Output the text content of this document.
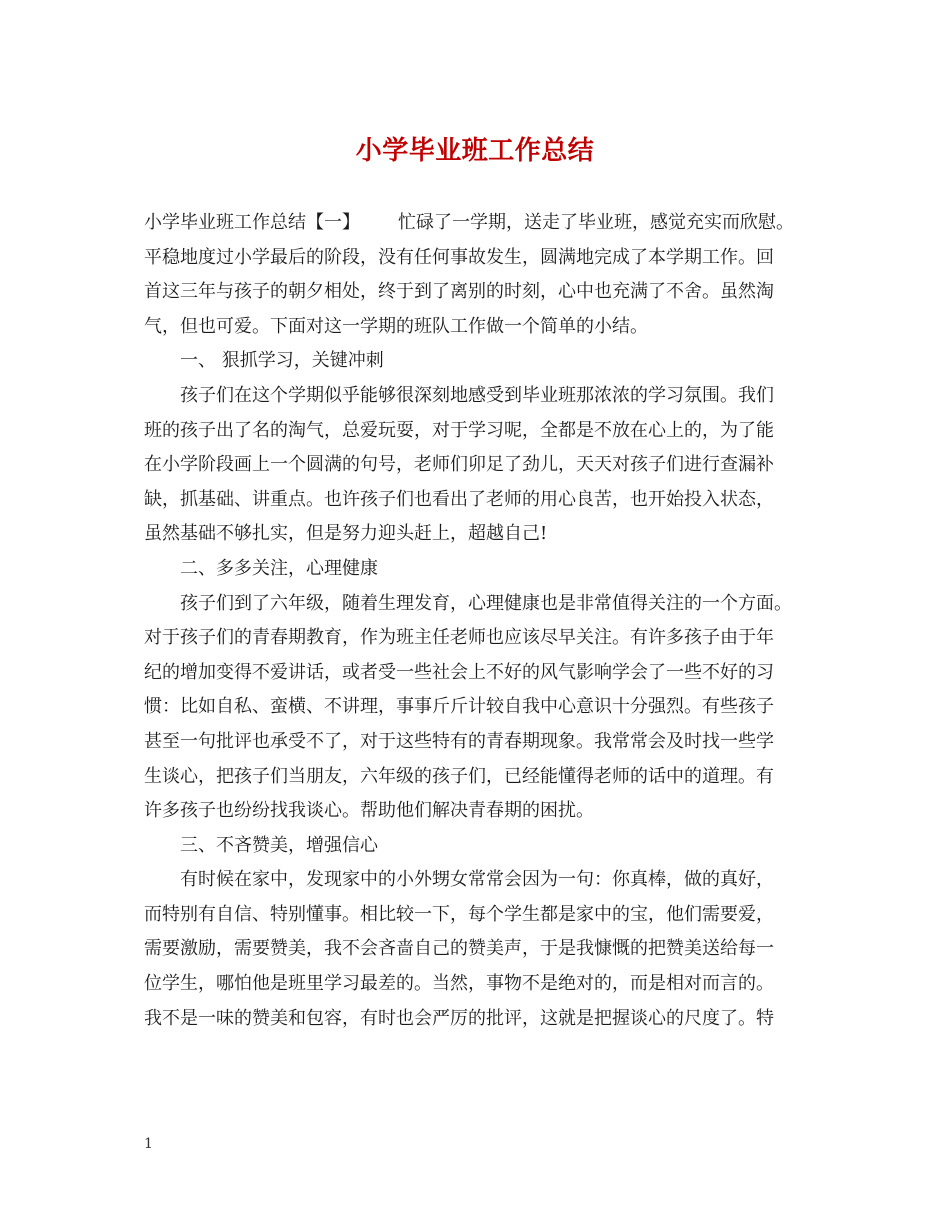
小学毕业班工作总结
小学毕业班工作总结【一】 忙碌了一学期，送走了毕业班，感觉充实而欣慰。
平稳地度过小学最后的阶段，没有任何事故发生，圆满地完成了本学期工作。回
首这三年与孩子的朝夕相处，终于到了离别的时刻，心中也充满了不舍。虽然淘
气，但也可爱。下面对这一学期的班队工作做一个简单的小结。
一、 狠抓学习，关键冲刺
孩子们在这个学期似乎能够很深刻地感受到毕业班那浓浓的学习氛围。我们
班的孩子出了名的淘气，总爱玩耍，对于学习呢，全都是不放在心上的，为了能
在小学阶段画上一个圆满的句号，老师们卯足了劲儿，天天对孩子们进行查漏补
缺，抓基础、讲重点。也许孩子们也看出了老师的用心良苦，也开始投入状态，
虽然基础不够扎实，但是努力迎头赶上，超越自己!
二、多多关注，心理健康
孩子们到了六年级，随着生理发育，心理健康也是非常值得关注的一个方面。
对于孩子们的青春期教育，作为班主任老师也应该尽早关注。有许多孩子由于年
纪的增加变得不爱讲话，或者受一些社会上不好的风气影响学会了一些不好的习
惯：比如自私、蛮横、不讲理，事事斤斤计较自我中心意识十分强烈。有些孩子
甚至一句批评也承受不了，对于这些特有的青春期现象。我常常会及时找一些学
生谈心，把孩子们当朋友，六年级的孩子们，已经能懂得老师的话中的道理。有
许多孩子也纷纷找我谈心。帮助他们解决青春期的困扰。
三、不吝赞美，增强信心
有时候在家中，发现家中的小外甥女常常会因为一句：你真棒，做的真好，
而特别有自信、特别懂事。相比较一下，每个学生都是家中的宝，他们需要爱，
需要激励，需要赞美，我不会吝啬自己的赞美声，于是我慷慨的把赞美送给每一
位学生，哪怕他是班里学习最差的。当然，事物不是绝对的，而是相对而言的。
我不是一味的赞美和包容，有时也会严厉的批评，这就是把握谈心的尺度了。特
1
